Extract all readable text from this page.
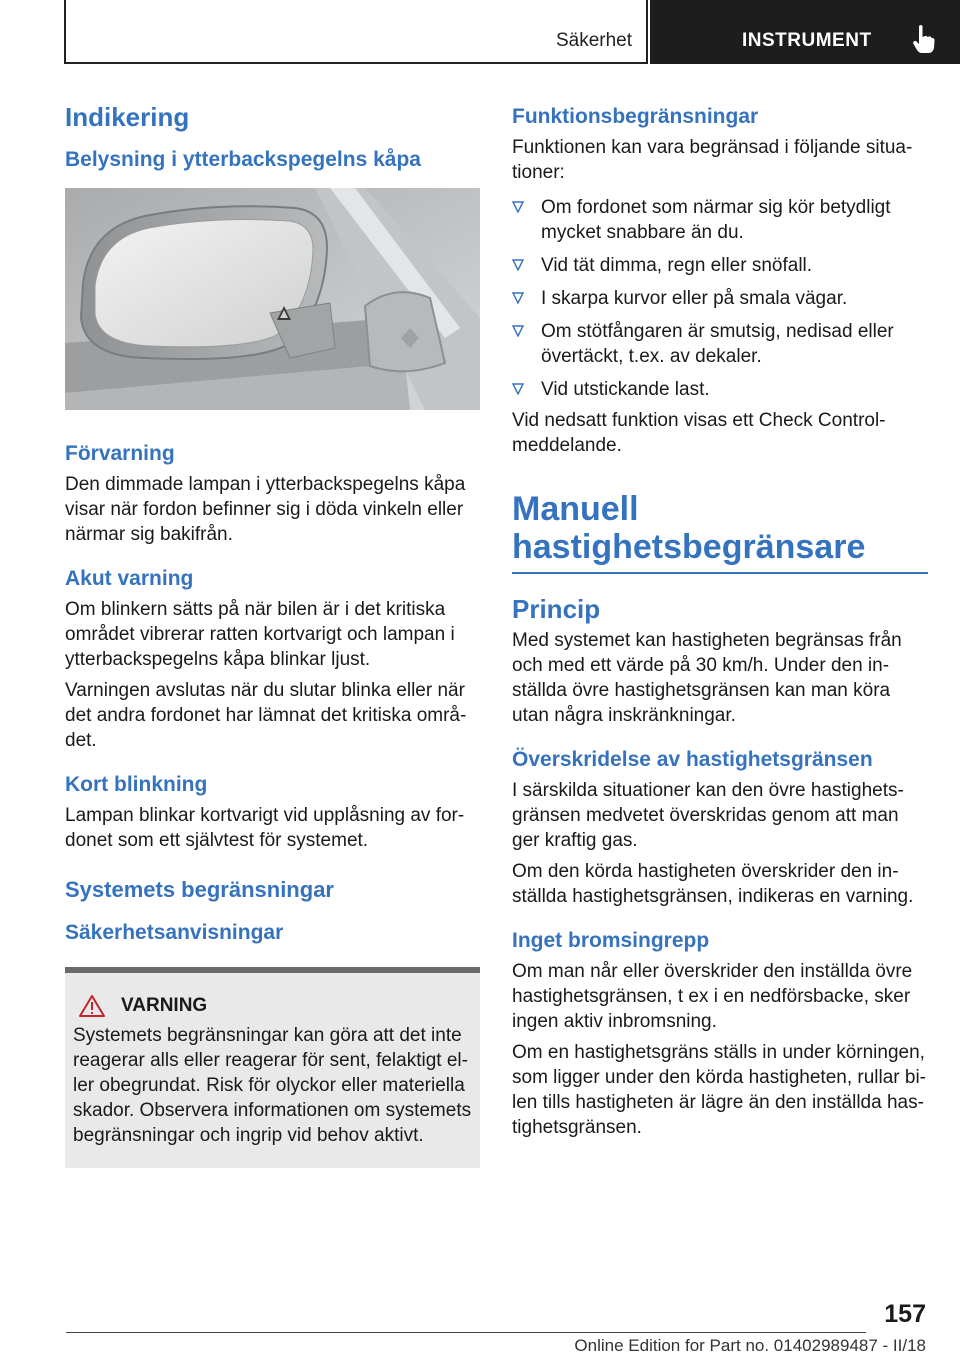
Säkerhet	INSTRUMENT
Indikering
Belysning i ytterbackspegelns kåpa
Förvarning

Den dimmade lampan i ytterbackspegelns kåpa visar när fordon befinner sig i döda vinkeln eller närmar sig bakifrån.

Akut varning

Om blinkern sätts på när bilen är i det kritiska området vibrerar ratten kortvarigt och lampan i ytterbackspegelns kåpa blinkar ljust.

Varningen avslutas när du slutar blinka eller när det andra fordonet har lämnat det kritiska områ‐det.

Kort blinkning

Lampan blinkar kortvarigt vid upplåsning av for‐donet som ett självtest för systemet.

Systemets begränsningar
Säkerhetsanvisningar
VARNING

Systemets begränsningar kan göra att det inte reagerar alls eller reagerar för sent, felaktigt el‐ler obegrundat. Risk för olyckor eller materiella skador. Observera informationen om systemets begränsningar och ingrip vid behov aktivt.

Funktionsbegränsningar

Funktionen kan vara begränsad i följande situa‐tioner:

Om fordonet som närmar sig kör betydligt mycket snabbare än du.
Vid tät dimma, regn eller snöfall.
I skarpa kurvor eller på smala vägar.
Om stötfångaren är smutsig, nedisad eller övertäckt, t.ex. av dekaler.
Vid utstickande last.

Vid nedsatt funktion visas ett Check Control-meddelande.

Manuell hastighetsbegränsare
Princip

Med systemet kan hastigheten begränsas från och med ett värde på 30 km/h. Under den in‐ställda övre hastighetsgränsen kan man köra utan några inskränkningar.

Överskridelse av hastighetsgränsen

I särskilda situationer kan den övre hastighets‐gränsen medvetet överskridas genom att man ger kraftig gas.

Om den körda hastigheten överskrider den in‐ställda hastighetsgränsen, indikeras en varning.

Inget bromsingrepp

Om man når eller överskrider den inställda övre hastighetsgränsen, t ex i en nedförsbacke, sker ingen aktiv inbromsning.

Om en hastighetsgräns ställs in under körningen, som ligger under den körda hastigheten, rullar bi‐len tills hastigheten är lägre än den inställda has‐tighetsgränsen.

157
Online Edition for Part no. 01402989487 - II/18
